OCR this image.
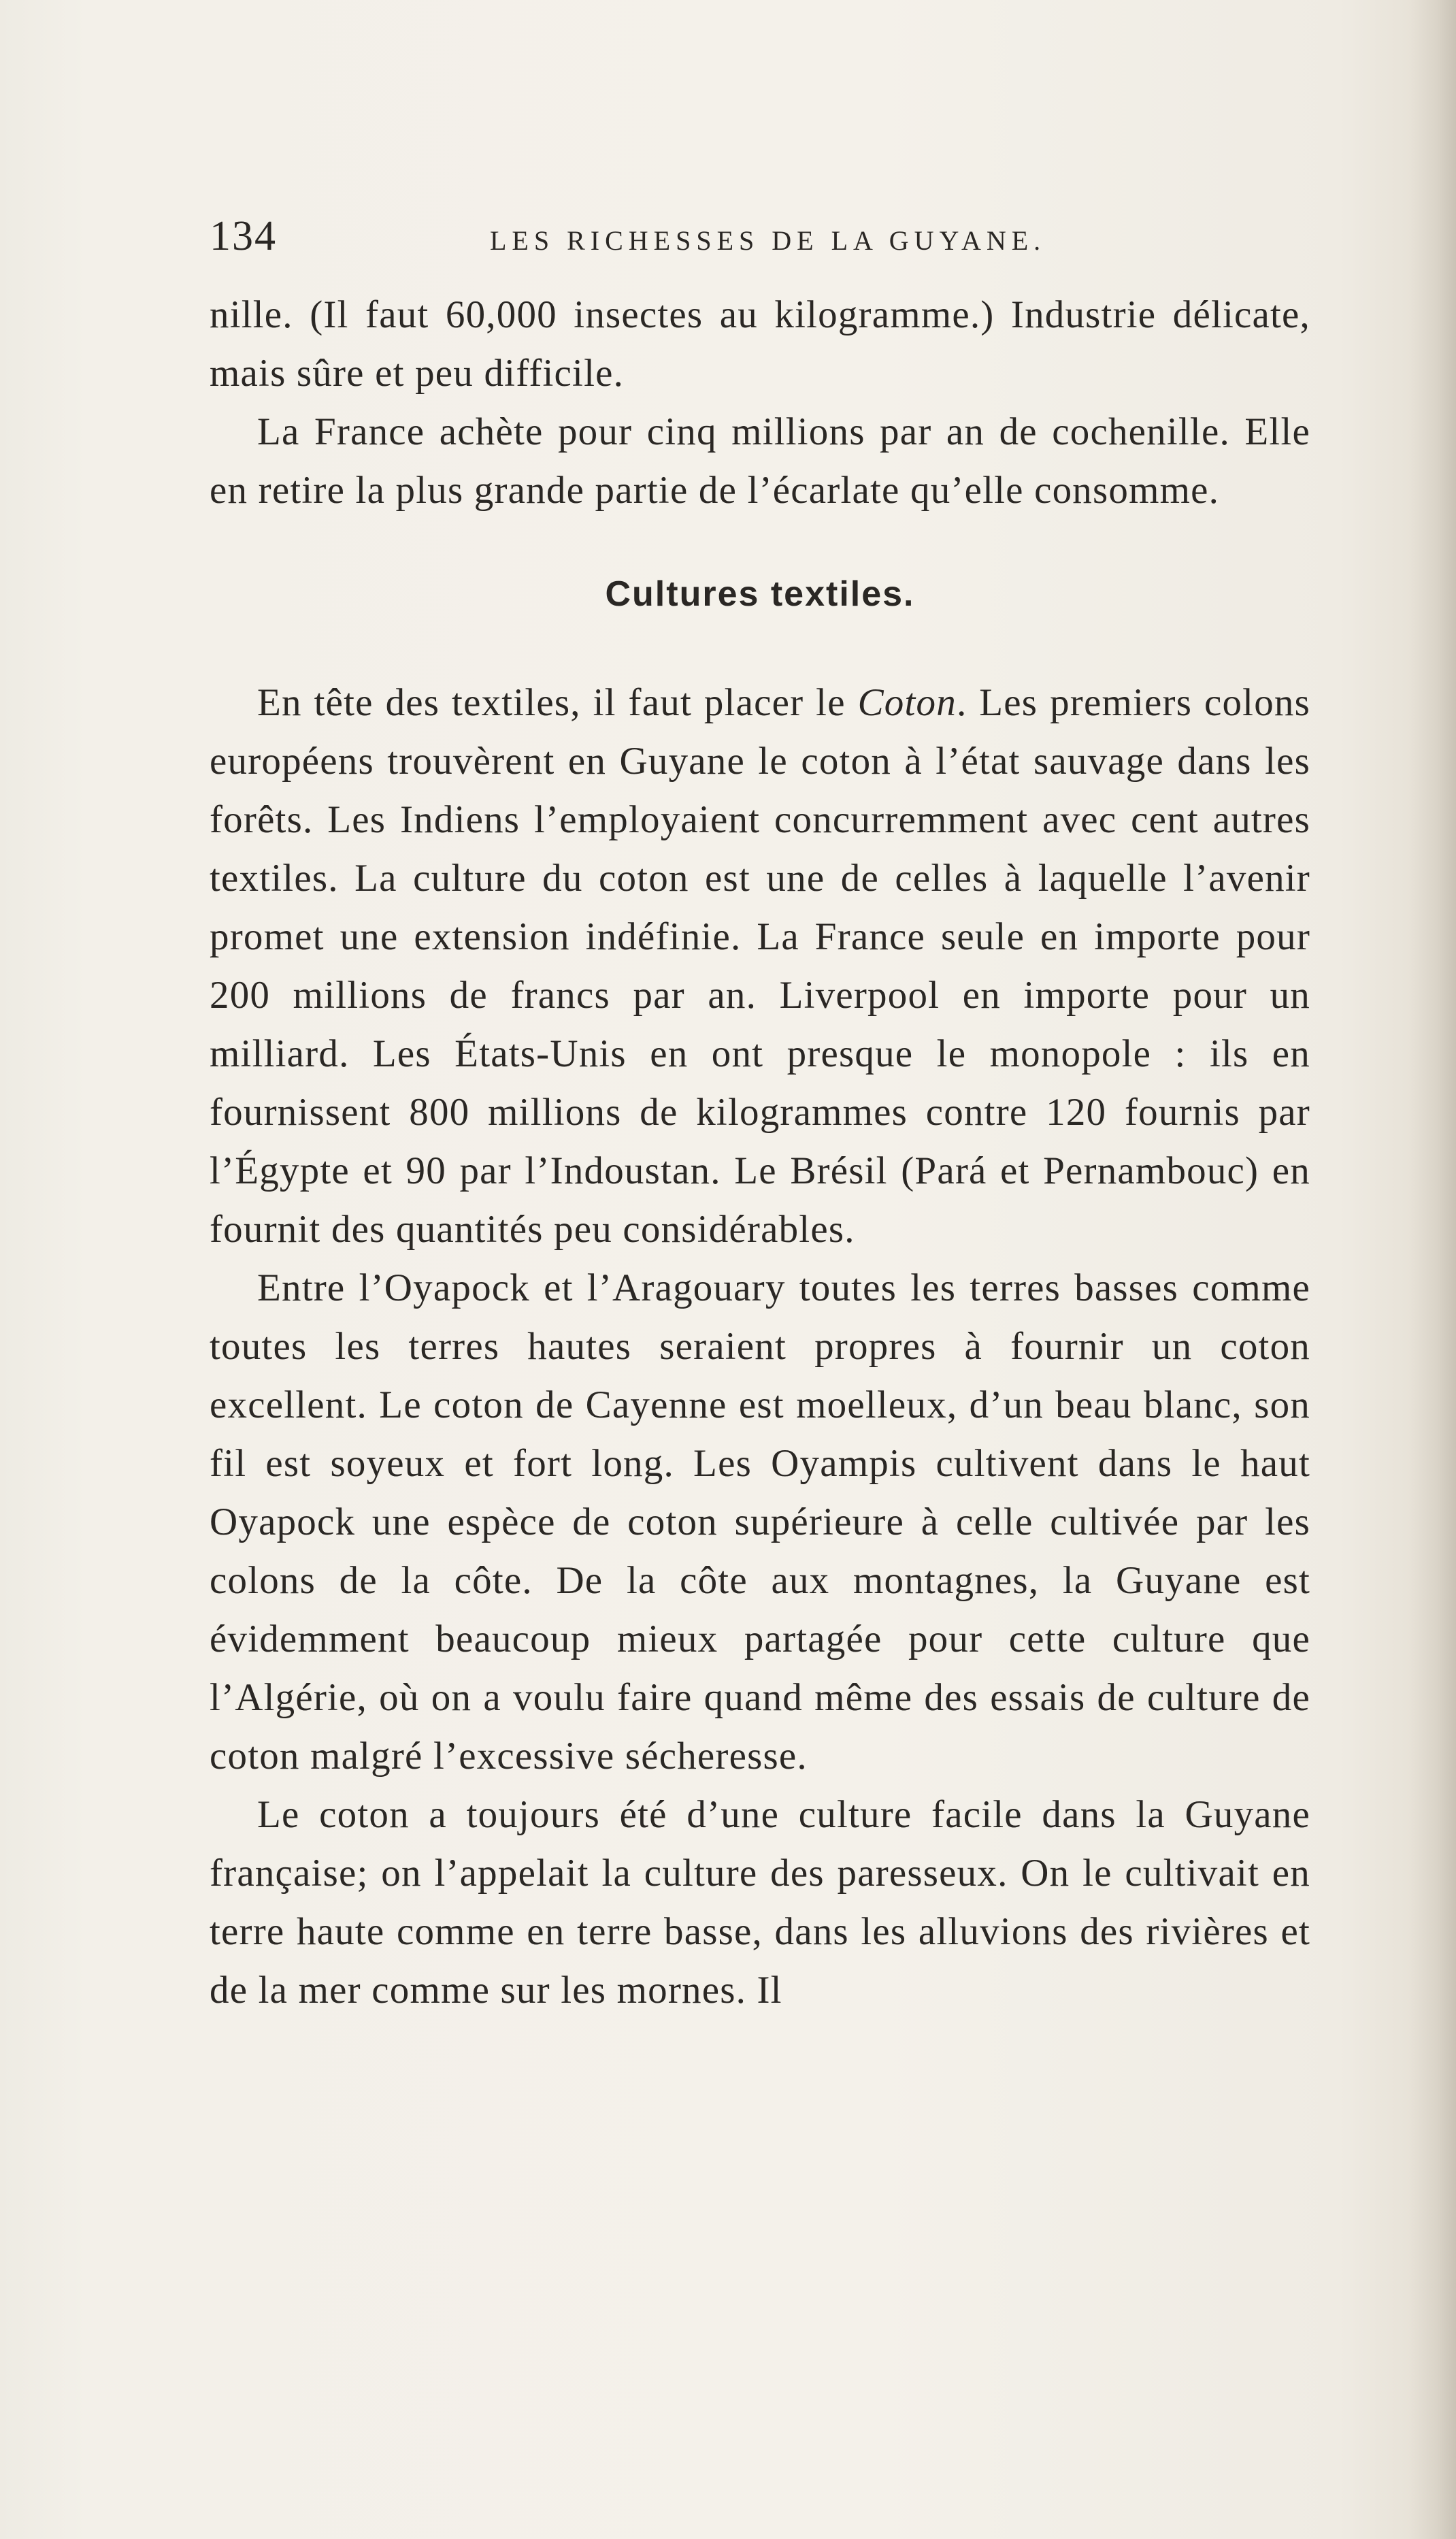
134	LES RICHESSES DE LA GUYANE.

nille. (Il faut 60,000 insectes au kilogramme.) Industrie délicate, mais sûre et peu difficile.

La France achète pour cinq millions par an de cochenille. Elle en retire la plus grande partie de l’écarlate qu’elle consomme.

Cultures textiles.

En tête des textiles, il faut placer le Coton. Les premiers colons européens trouvèrent en Guyane le coton à l’état sauvage dans les forêts. Les Indiens l’employaient concurremment avec cent autres textiles. La culture du coton est une de celles à laquelle l’avenir promet une extension indéfinie. La France seule en importe pour 200 millions de francs par an. Liverpool en importe pour un milliard. Les États-Unis en ont presque le monopole : ils en fournissent 800 millions de kilogrammes contre 120 fournis par l’Égypte et 90 par l’Indoustan. Le Brésil (Pará et Pernambouc) en fournit des quantités peu considérables.

Entre l’Oyapock et l’Aragouary toutes les terres basses comme toutes les terres hautes seraient propres à fournir un coton excellent. Le coton de Cayenne est moelleux, d’un beau blanc, son fil est soyeux et fort long. Les Oyampis cultivent dans le haut Oyapock une espèce de coton supérieure à celle cultivée par les colons de la côte. De la côte aux montagnes, la Guyane est évidemment beaucoup mieux partagée pour cette culture que l’Algérie, où on a voulu faire quand même des essais de culture de coton malgré l’excessive sécheresse.

Le coton a toujours été d’une culture facile dans la Guyane française; on l’appelait la culture des paresseux. On le cultivait en terre haute comme en terre basse, dans les alluvions des rivières et de la mer comme sur les mornes. Il
